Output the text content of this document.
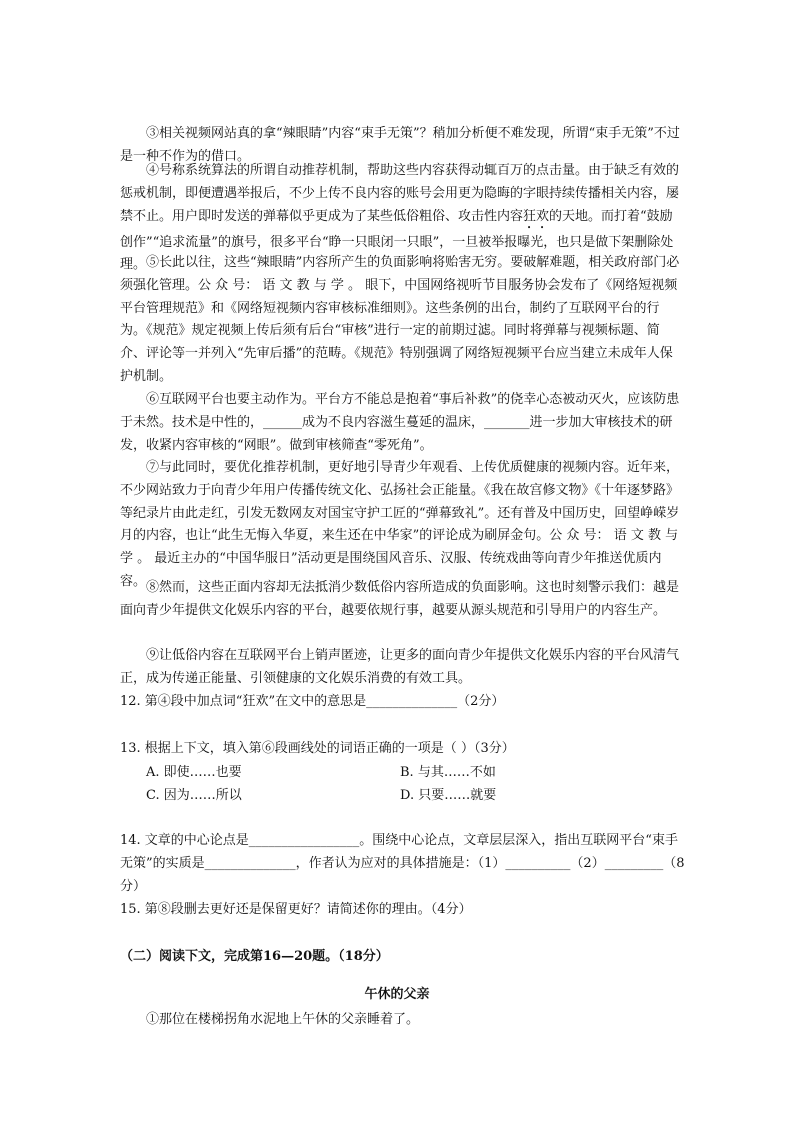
③相关视频网站真的拿“辣眼睛”内容“束手无策”？稍加分析便不难发现，所谓“束手无策”不过是一种不作为的借口。

④号称系统算法的所谓自动推荐机制，帮助这些内容获得动辄百万的点击量。由于缺乏有效的惩戒机制，即便遭遇举报后，不少上传不良内容的账号会用更为隐晦的字眼持续传播相关内容，屡禁不止。用户即时发送的弹幕似乎更成为了某些低俗粗俗、攻击性内容狂欢的天地。而打着“鼓励创作”“追求流量”的旗号，很多平台“睁一只眼闭一只眼”，一旦被举报曝光，也只是做下架删除处理。 ⑤长此以往，这些“辣眼睛”内容所产生的负面影响将贻害无穷。要破解难题，相关政府部门必须强化管理。公 众 号： 语 文 教 与 学 。 眼下，中国网络视听节目服务协会发布了《网络短视频平台管理规范》和《网络短视频内容审核标准细则》。这些条例的出台，制约了互联网平台的行为。《规范》规定视频上传后须有后台“审核”进行一定的前期过滤。同时将弹幕与视频标题、简介、评论等一并列入“先审后播”的范畴。《规范》特别强调了网络短视频平台应当建立未成年人保护机制。

⑥互联网平台也要主动作为。平台方不能总是抱着“事后补救”的侥幸心态被动灭火，应该防患于未然。技术是中性的，______成为不良内容滋生蔓延的温床，_______进一步加大审核技术的研发，收紧内容审核的“网眼”。做到审核筛查“零死角”。

⑦与此同时，要优化推荐机制，更好地引导青少年观看、上传优质健康的视频内容。近年来，不少网站致力于向青少年用户传播传统文化、弘扬社会正能量。《我在故宫修文物》《十年逐梦路》等纪录片由此走红，引发无数网友对国宝守护工匠的“弹幕致礼”。还有普及中国历史，回望峥嵘岁月的内容，也让“此生无悔入华夏，来生还在中华家”的评论成为刷屏金句。公 众 号： 语 文 教 与 学 。 最近主办的“中国华服日”活动更是围绕国风音乐、汉服、传统戏曲等向青少年推送优质内容。 ⑧然而，这些正面内容却无法抵消少数低俗内容所造成的负面影响。这也时刻警示我们：越是面向青少年提供文化娱乐内容的平台，越要依规行事，越要从源头规范和引导用户的内容生产。

⑨让低俗内容在互联网平台上销声匿迹，让更多的面向青少年提供文化娱乐内容的平台风清气正，成为传递正能量、引领健康的文化娱乐消费的有效工具。

12. 第④段中加点词“狂欢”在文中的意思是______________（2分）

13. 根据上下文，填入第⑥段画线处的词语正确的一项是（ ）（3分）

A. 即使……也要	B. 与其……不如

C. 因为……所以	D. 只要……就要

14. 文章的中心论点是_________________。围绕中心论点，文章层层深入，指出互联网平台“束手无策”的实质是______________，作者认为应对的具体措施是：（1）__________（2）_________（8分）

15. 第⑧段删去更好还是保留更好？请简述你的理由。（4分）

（二）阅读下文，完成第16—20题。（18分）

午休的父亲

①那位在楼梯拐角水泥地上午休的父亲睡着了。
